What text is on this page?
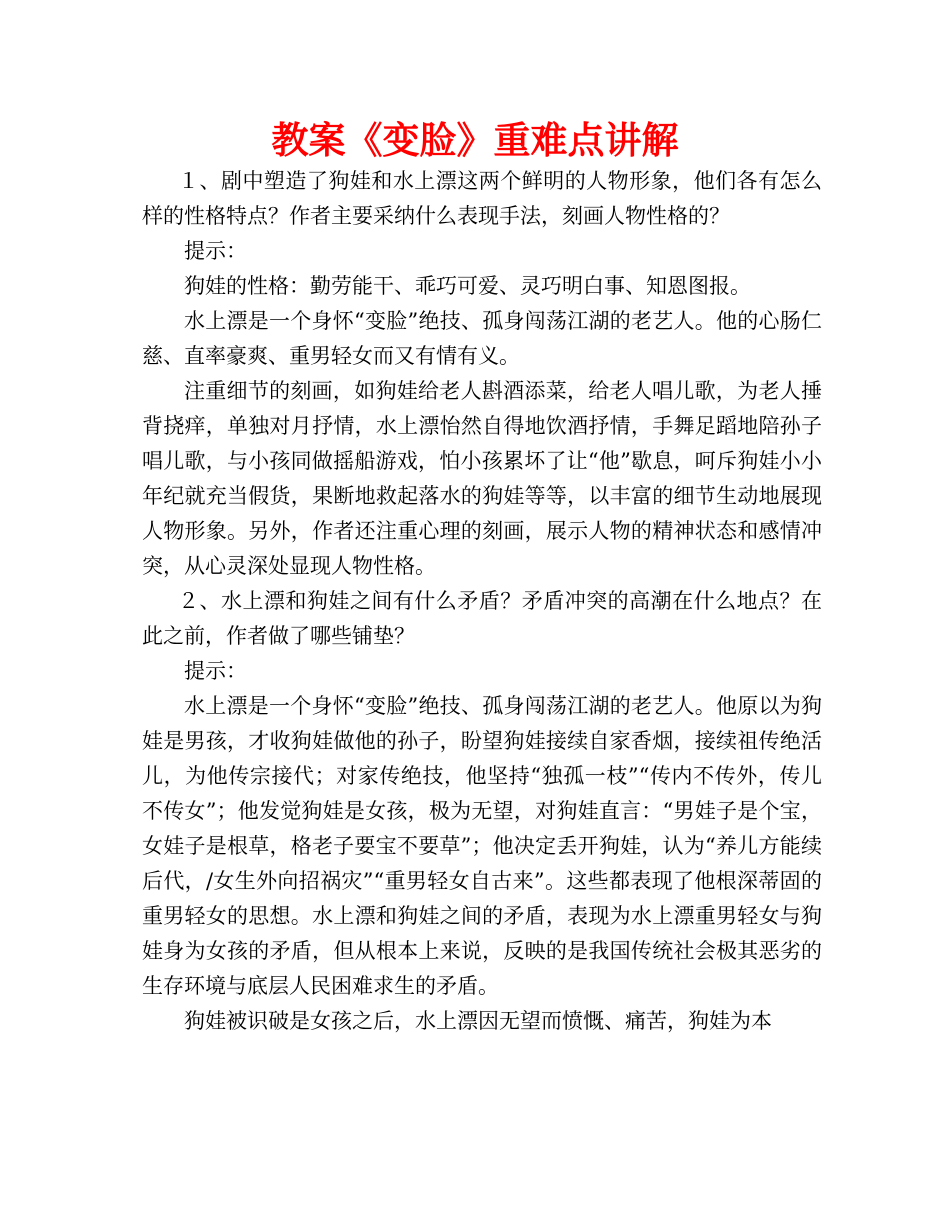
教案《变脸》重难点讲解

１、剧中塑造了狗娃和水上漂这两个鲜明的人物形象，他们各有怎么样的性格特点？作者主要采纳什么表现手法，刻画人物性格的？

提示：

狗娃的性格：勤劳能干、乖巧可爱、灵巧明白事、知恩图报。

水上漂是一个身怀“变脸”绝技、孤身闯荡江湖的老艺人。他的心肠仁慈、直率豪爽、重男轻女而又有情有义。

注重细节的刻画，如狗娃给老人斟酒添菜，给老人唱儿歌，为老人捶背挠痒，单独对月抒情，水上漂怡然自得地饮酒抒情，手舞足蹈地陪孙子唱儿歌，与小孩同做摇船游戏，怕小孩累坏了让“他”歇息，呵斥狗娃小小年纪就充当假货，果断地救起落水的狗娃等等，以丰富的细节生动地展现人物形象。另外，作者还注重心理的刻画，展示人物的精神状态和感情冲突，从心灵深处显现人物性格。

２、水上漂和狗娃之间有什么矛盾？矛盾冲突的高潮在什么地点？在此之前，作者做了哪些铺垫？

提示：

水上漂是一个身怀“变脸”绝技、孤身闯荡江湖的老艺人。他原以为狗娃是男孩，才收狗娃做他的孙子，盼望狗娃接续自家香烟，接续祖传绝活儿，为他传宗接代；对家传绝技，他坚持“独孤一枝”“传内不传外，传儿不传女”；他发觉狗娃是女孩，极为无望，对狗娃直言：“男娃子是个宝，女娃子是根草，格老子要宝不要草”；他决定丢开狗娃，认为“养儿方能续后代，/女生外向招祸灾”“重男轻女自古来”。这些都表现了他根深蒂固的重男轻女的思想。水上漂和狗娃之间的矛盾，表现为水上漂重男轻女与狗娃身为女孩的矛盾，但从根本上来说，反映的是我国传统社会极其恶劣的生存环境与底层人民困难求生的矛盾。

狗娃被识破是女孩之后，水上漂因无望而愤慨、痛苦，狗娃为本
